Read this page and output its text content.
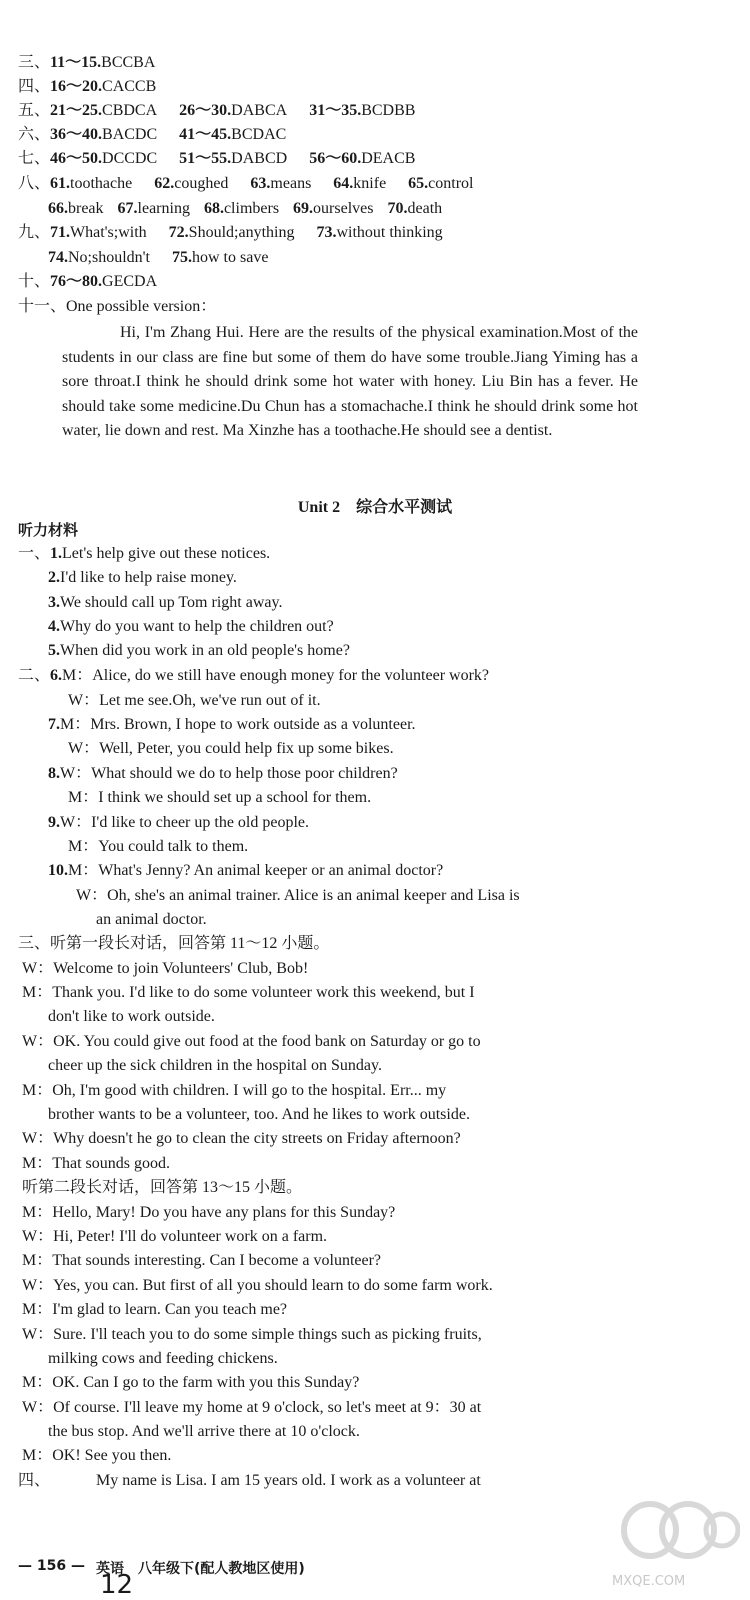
三、11～15.BCCBA
四、16～20.CACCB
五、21～25.CBDCA 26～30.DABCA 31～35.BCDBB
六、36～40.BACDC 41～45.BCDAC
七、46～50.DCCDC 51～55.DABCD 56～60.DEACB
八、61.toothache 62.coughed 63.means 64.knife 65.control
66.break 67.learning 68.climbers 69.ourselves 70.death
九、71.What's;with 72.Should;anything 73.without thinking
74.No;shouldn't 75.how to save
十、76～80.GECDA
十一、One possible version：
Hi, I'm Zhang Hui. Here are the results of the physical examination.Most of the students in our class are fine but some of them do have some trouble.Jiang Yiming has a sore throat.I think he should drink some hot water with honey. Liu Bin has a fever. He should take some medicine.Du Chun has a stomachache.I think he should drink some hot water, lie down and rest. Ma Xinzhe has a toothache.He should see a dentist.
Unit 2　综合水平测试
听力材料
一、1.Let's help give out these notices.
2.I'd like to help raise money.
3.We should call up Tom right away.
4.Why do you want to help the children out?
5.When did you work in an old people's home?
二、6.M：Alice, do we still have enough money for the volunteer work?
W：Let me see.Oh, we've run out of it.
7.M：Mrs. Brown, I hope to work outside as a volunteer.
W：Well, Peter, you could help fix up some bikes.
8.W：What should we do to help those poor children?
M：I think we should set up a school for them.
9.W：I'd like to cheer up the old people.
M：You could talk to them.
10.M：What's Jenny? An animal keeper or an animal doctor?
W：Oh, she's an animal trainer. Alice is an animal keeper and Lisa is
an animal doctor.
三、听第一段长对话，回答第 11～12 小题。
W：Welcome to join Volunteers' Club, Bob!
M：Thank you. I'd like to do some volunteer work this weekend, but I
don't like to work outside.
W：OK. You could give out food at the food bank on Saturday or go to
cheer up the sick children in the hospital on Sunday.
M：Oh, I'm good with children. I will go to the hospital. Err... my
brother wants to be a volunteer, too. And he likes to work outside.
W：Why doesn't he go to clean the city streets on Friday afternoon?
M：That sounds good.
听第二段长对话，回答第 13～15 小题。
M：Hello, Mary! Do you have any plans for this Sunday?
W：Hi, Peter! I'll do volunteer work on a farm.
M：That sounds interesting. Can I become a volunteer?
W：Yes, you can. But first of all you should learn to do some farm work.
M：I'm glad to learn. Can you teach me?
W：Sure. I'll teach you to do some simple things such as picking fruits,
milking cows and feeding chickens.
M：OK. Can I go to the farm with you this Sunday?
W：Of course. I'll leave my home at 9 o'clock, so let's meet at 9：30 at
the bus stop. And we'll arrive there at 10 o'clock.
M：OK! See you then.
四、	My name is Lisa. I am 15 years old. I work as a volunteer at
— 156 — 英语　八年级下(配人教地区使用)
12	MXQE.COM
